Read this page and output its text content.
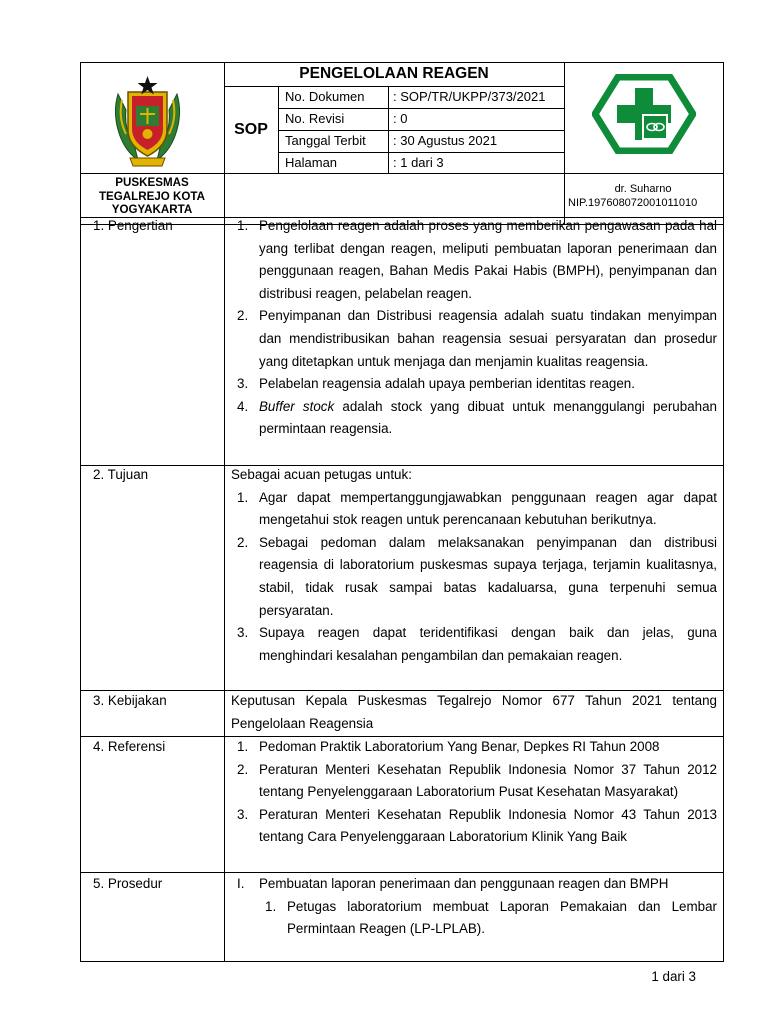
PENGELOLAAN REAGEN
SOP
No. Dokumen : SOP/TR/UKPP/373/2021
No. Revisi	: 0
Tanggal Terbit : 30 Agustus 2021
Halaman	: 1 dari 3
PUSKESMAS
TEGALREJO KOTA
YOGYAKARTA
dr. Suharno
NIP.197608072001011010
1. Pengertian	1. Pengelolaan reagen adalah proses yang memberikan pengawasan pada hal yang terlibat dengan reagen, meliputi pembuatan laporan penerimaan dan penggunaan reagen, Bahan Medis Pakai Habis (BMPH), penyimpanan dan distribusi reagen, pelabelan reagen.
2. Penyimpanan dan Distribusi reagensia adalah suatu tindakan menyimpan dan mendistribusikan bahan reagensia sesuai persyaratan dan prosedur yang ditetapkan untuk menjaga dan menjamin kualitas reagensia.
3. Pelabelan reagensia adalah upaya pemberian identitas reagen.
4. Buffer stock adalah stock yang dibuat untuk menanggulangi perubahan permintaan reagensia.
2. Tujuan	Sebagai acuan petugas untuk:
1. Agar dapat mempertanggungjawabkan penggunaan reagen agar dapat mengetahui stok reagen untuk perencanaan kebutuhan berikutnya.
2. Sebagai pedoman dalam melaksanakan penyimpanan dan distribusi reagensia di laboratorium puskesmas supaya terjaga, terjamin kualitasnya, stabil, tidak rusak sampai batas kadaluarsa, guna terpenuhi semua persyaratan.
3. Supaya reagen dapat teridentifikasi dengan baik dan jelas, guna menghindari kesalahan pengambilan dan pemakaian reagen.
3. Kebijakan	Keputusan Kepala Puskesmas Tegalrejo Nomor 677 Tahun 2021 tentang Pengelolaan Reagensia
4. Referensi	1. Pedoman Praktik Laboratorium Yang Benar, Depkes RI Tahun 2008
2. Peraturan Menteri Kesehatan Republik Indonesia Nomor 37 Tahun 2012 tentang Penyelenggaraan Laboratorium Pusat Kesehatan Masyarakat)
3. Peraturan Menteri Kesehatan Republik Indonesia Nomor 43 Tahun 2013 tentang Cara Penyelenggaraan Laboratorium Klinik Yang Baik
5. Prosedur	I. Pembuatan laporan penerimaan dan penggunaan reagen dan BMPH
1. Petugas laboratorium membuat Laporan Pemakaian dan Lembar Permintaan Reagen (LP-LPLAB).
1 dari 3
